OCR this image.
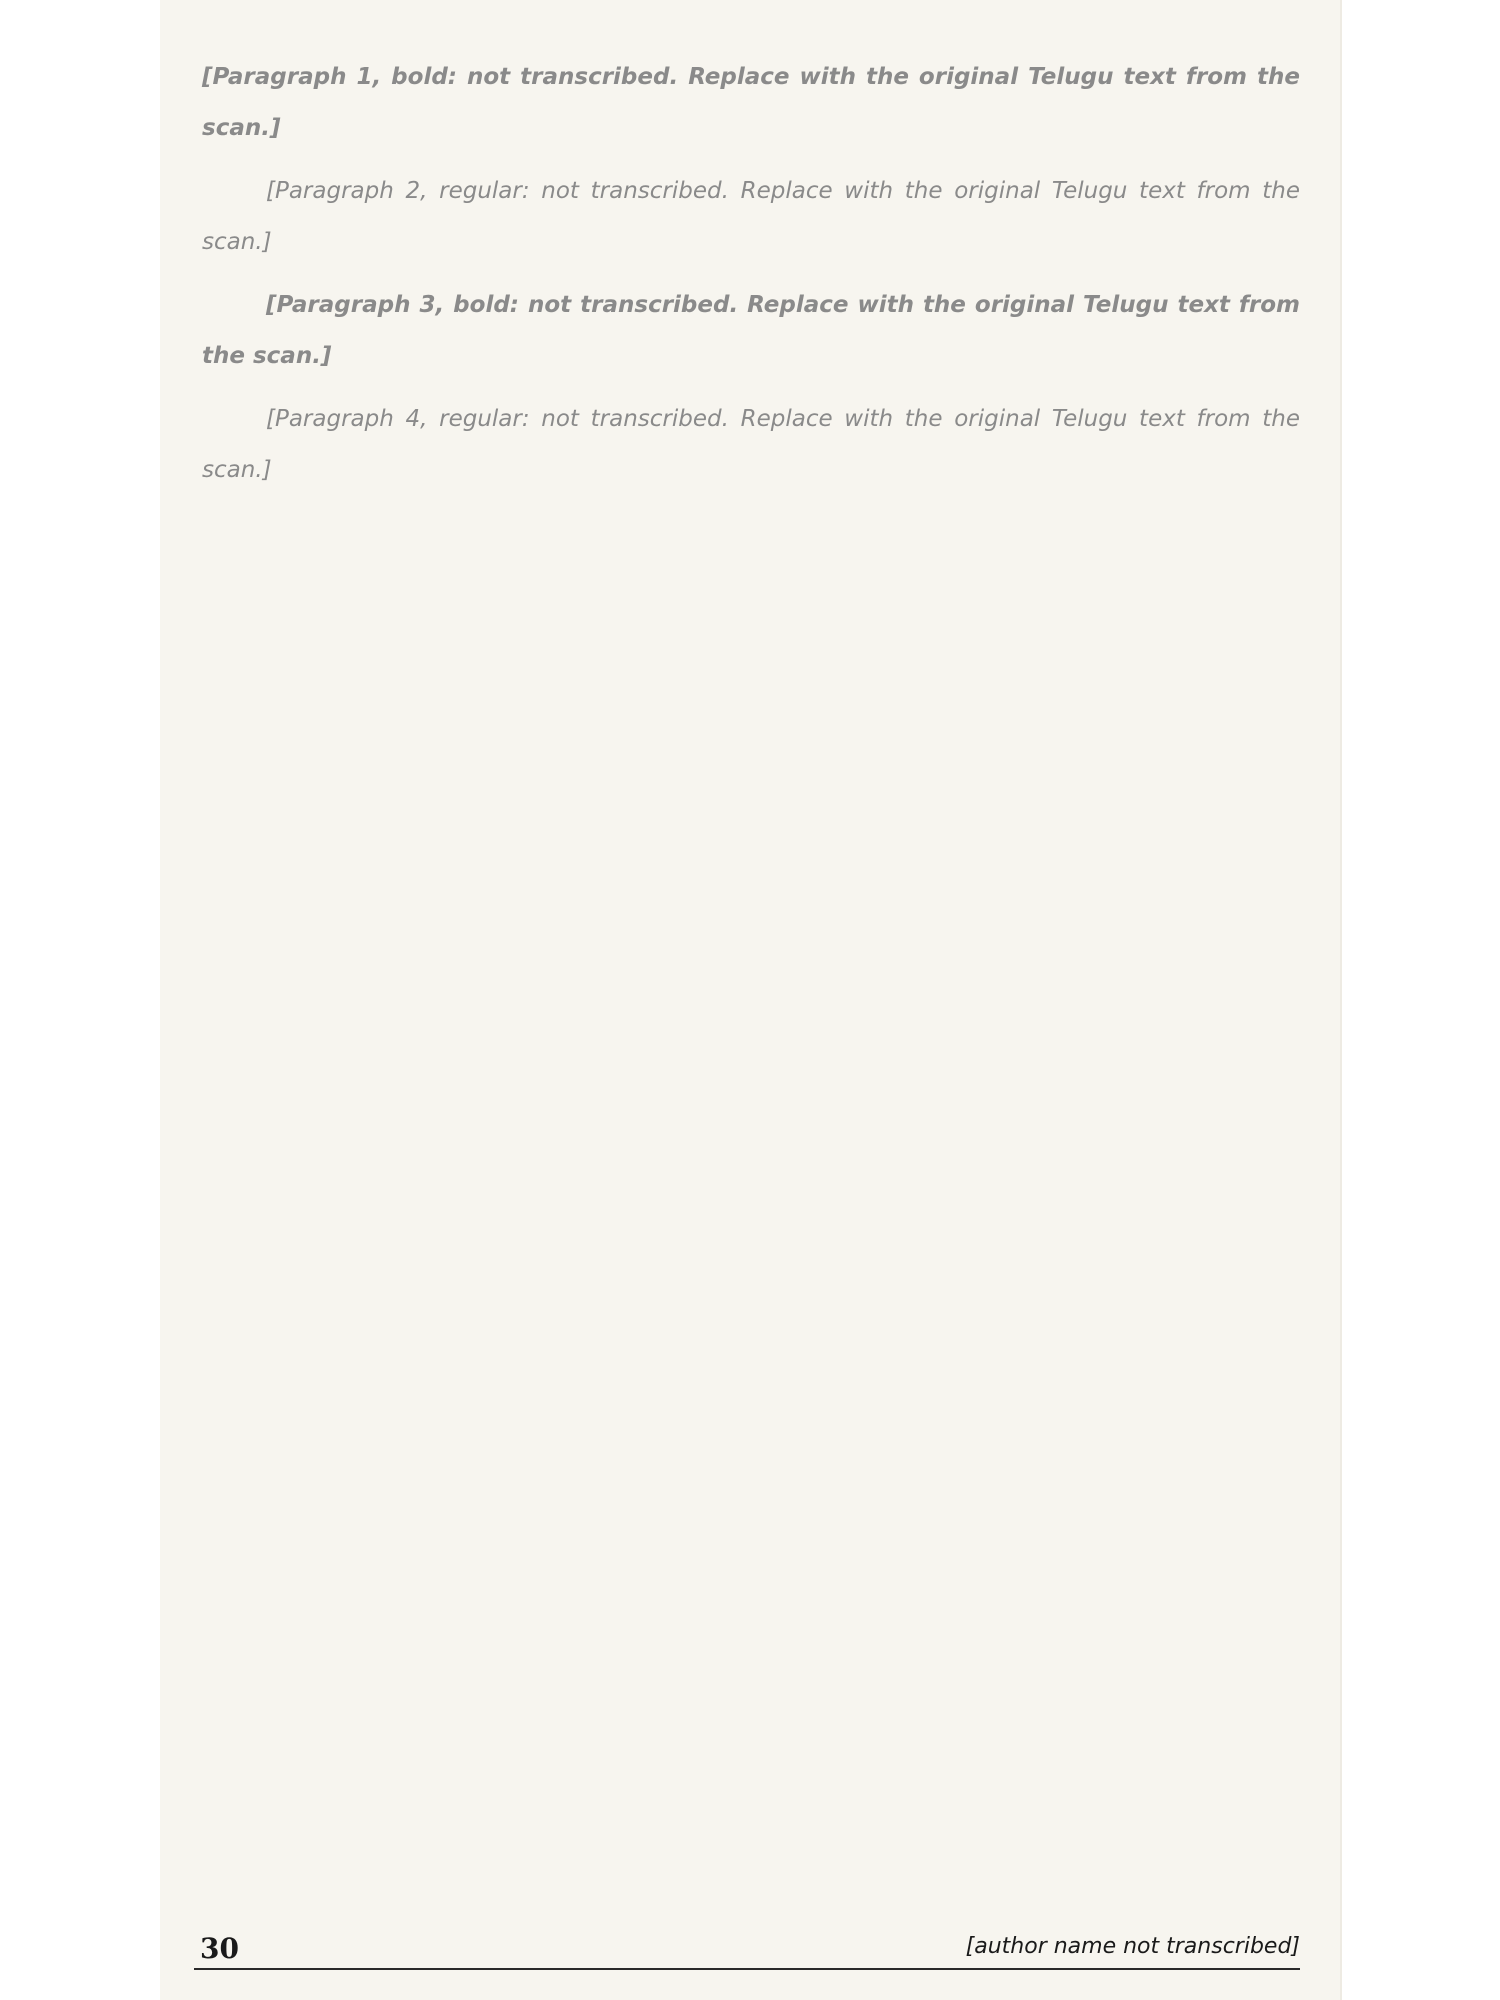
[Paragraph 1, bold: not transcribed. Replace with the original Telugu text from the scan.]

[Paragraph 2, regular: not transcribed. Replace with the original Telugu text from the scan.]

[Paragraph 3, bold: not transcribed. Replace with the original Telugu text from the scan.]

[Paragraph 4, regular: not transcribed. Replace with the original Telugu text from the scan.]

30	[author name not transcribed]
